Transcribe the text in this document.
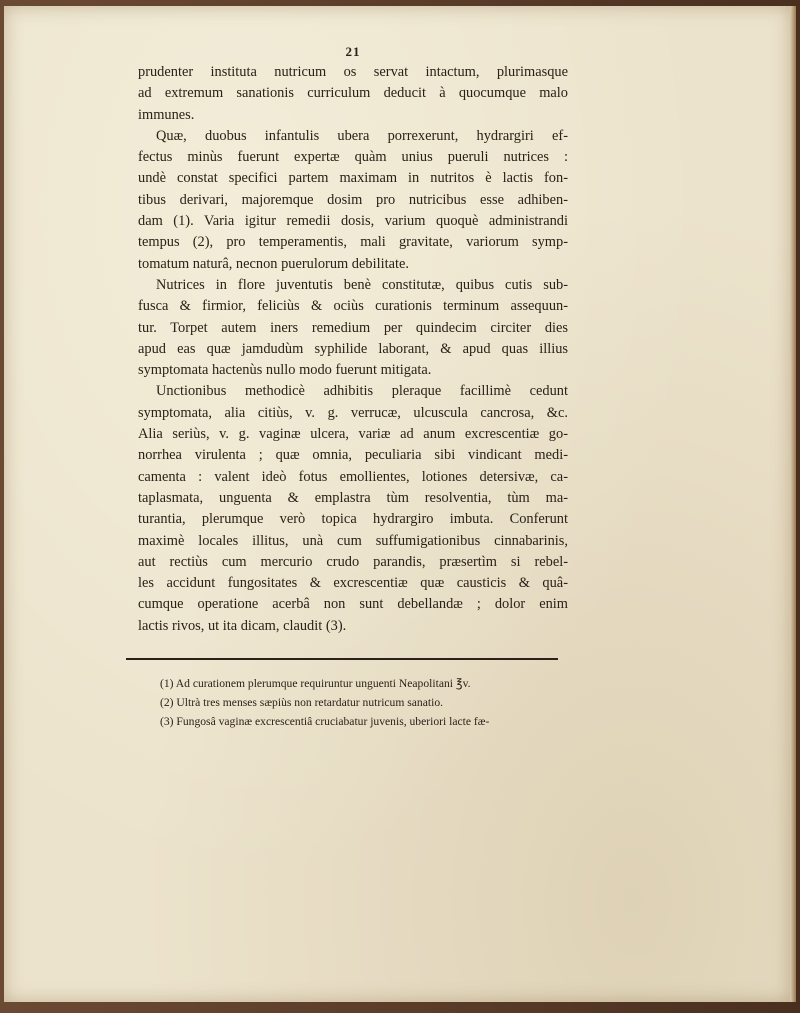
21
prudenter instituta nutricum os servat intactum, plurimasque
ad extremum sanationis curriculum deducit à quocumque malo
immunes.
Quæ, duobus infantulis ubera porrexerunt, hydrargiri ef-
fectus minùs fuerunt expertæ quàm unius pueruli nutrices :
undè constat specifici partem maximam in nutritos è lactis fon-
tibus derivari, majoremque dosim pro nutricibus esse adhiben-
dam (1). Varia igitur remedii dosis, varium quoquè administrandi
tempus (2), pro temperamentis, mali gravitate, variorum symp-
tomatum naturâ, necnon puerulorum debilitate.
Nutrices in flore juventutis benè constitutæ, quibus cutis sub-
fusca & firmior, feliciùs & ociùs curationis terminum assequun-
tur. Torpet autem iners remedium per quindecim circiter dies
apud eas quæ jamdudùm syphilide laborant, & apud quas illius
symptomata hactenùs nullo modo fuerunt mitigata.
Unctionibus methodicè adhibitis pleraque facillimè cedunt
symptomata, alia citiùs, v. g. verrucæ, ulcuscula cancrosa, &c.
Alia seriùs, v. g. vaginæ ulcera, variæ ad anum excrescentiæ go-
norrhea virulenta ; quæ omnia, peculiaria sibi vindicant medi-
camenta : valent ideò fotus emollientes, lotiones detersivæ, ca-
taplasmata, unguenta & emplastra tùm resolventia, tùm ma-
turantia, plerumque verò topica hydrargiro imbuta. Conferunt
maximè locales illitus, unà cum suffumigationibus cinnabarinis,
aut rectiùs cum mercurio crudo parandis, præsertìm si rebel-
les accidunt fungositates & excrescentiæ quæ causticis & quâ-
cumque operatione acerbâ non sunt debellandæ ; dolor enim
lactis rivos, ut ita dicam, claudit (3).
(1) Ad curationem plerumque requiruntur unguenti Neapolitani ℥v.
(2) Ultrà tres menses sæpiùs non retardatur nutricum sanatio.
(3) Fungosâ vaginæ excrescentiâ cruciabatur juvenis, uberiori lacte fæ-
